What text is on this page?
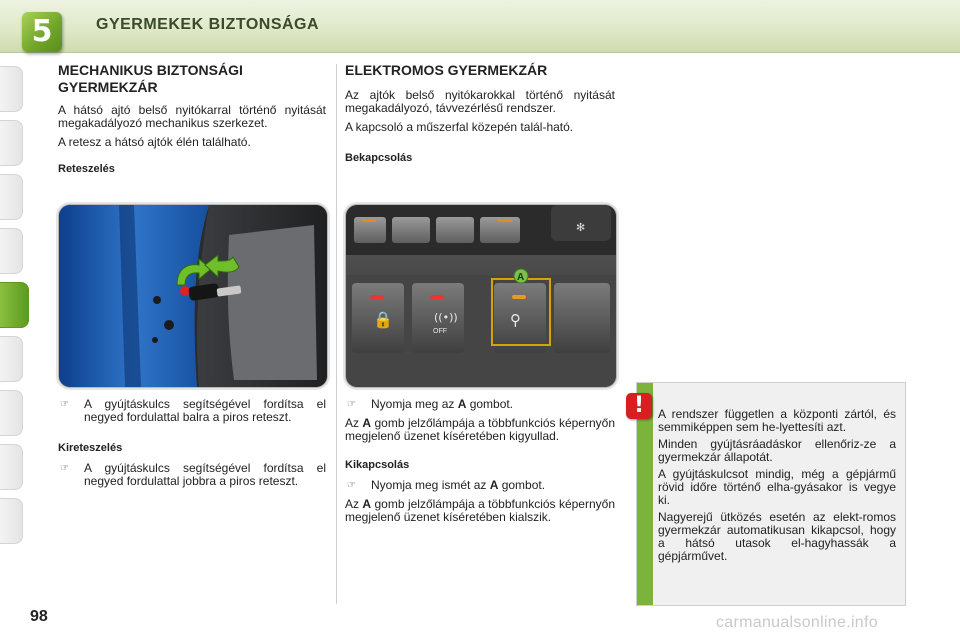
5	GYERMEKEK BIZTONSÁGA
MECHANIKUS BIZTONSÁGI
GYERMEKZÁR

A hátsó ajtó belső nyitókarral történő nyitását megakadályozó mechanikus szerkezet.

A retesz a hátsó ajtók élén található.

Reteszelés
☞	A gyújtáskulcs segítségével fordítsa el negyed fordulattal balra a piros reteszt.
Kireteszelés
☞	A gyújtáskulcs segítségével fordítsa el negyed fordulattal jobbra a piros reteszt.
ELEKTROMOS GYERMEKZÁR

Az ajtók belső nyitókarokkal történő nyitását megakadályozó, távvezérlésű rendszer.

A kapcsoló a műszerfal közepén talál-ható.

Bekapcsolás
✻
🔒	((•))
OFF
⚲
A
☞	Nyomja meg az A gombot.

Az A gomb jelzőlámpája a többfunkciós képernyőn megjelenő üzenet kíséretében kigyullad.

Kikapcsolás
☞	Nyomja meg ismét az A gombot.

Az A gomb jelzőlámpája a többfunkciós képernyőn megjelenő üzenet kíséretében kialszik.

!	A rendszer független a központi zártól, és semmiképpen sem he-lyettesíti azt.

Minden gyújtásráadáskor ellenőriz-ze a gyermekzár állapotát.

A gyújtáskulcsot mindig, még a gépjármű rövid időre történő elha-gyásakor is vegye ki.

Nagyerejű ütközés esetén az elekt-romos gyermekzár automatikusan kikapcsol, hogy a hátsó utasok el-hagyhassák a gépjárművet.

98	carmanualsonline.info
